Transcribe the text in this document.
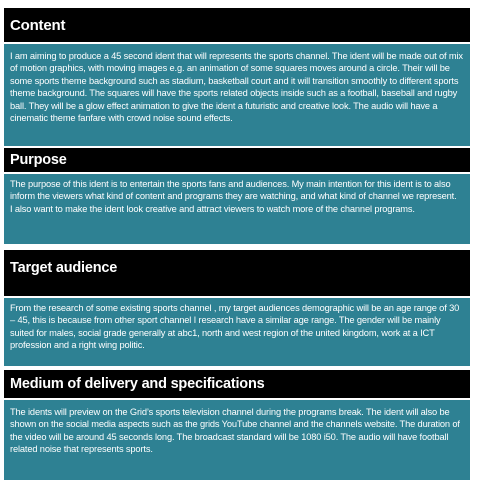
Content

I am aiming to produce a 45 second ident that will represents the sports channel. The ident will be made out of mix of motion graphics, with moving images e.g. an animation of some squares moves around a circle. Their will be some sports theme background such as stadium, basketball court and it will transition smoothly to different sports theme background. The squares will have the sports related objects inside such as a football, baseball and rugby ball. They will be a glow effect animation to give the ident a futuristic and creative look. The audio will have a cinematic theme fanfare with crowd noise sound effects.

Purpose

The purpose of this ident is to entertain the sports fans and audiences. My main intention for this ident is to also inform the viewers what kind of content and programs they are watching, and what kind of channel we represent.

I also want to make the ident look creative and attract viewers to watch more of the channel programs.

Target audience

From the research of some existing sports channel , my target audiences demographic will be an age range of 30 – 45, this is because from other sport channel I research have a similar age range. The gender will be mainly suited for males, social grade generally at abc1, north and west region of the united kingdom, work at a ICT profession and a right wing politic.

Medium of delivery and specifications

The idents will preview on the Grid’s sports television channel during the programs break. The ident will also be shown on the social media aspects such as the grids YouTube channel and the channels website. The duration of the video will be around 45 seconds long. The broadcast standard will be 1080 i50. The audio will have football related noise that represents sports.
